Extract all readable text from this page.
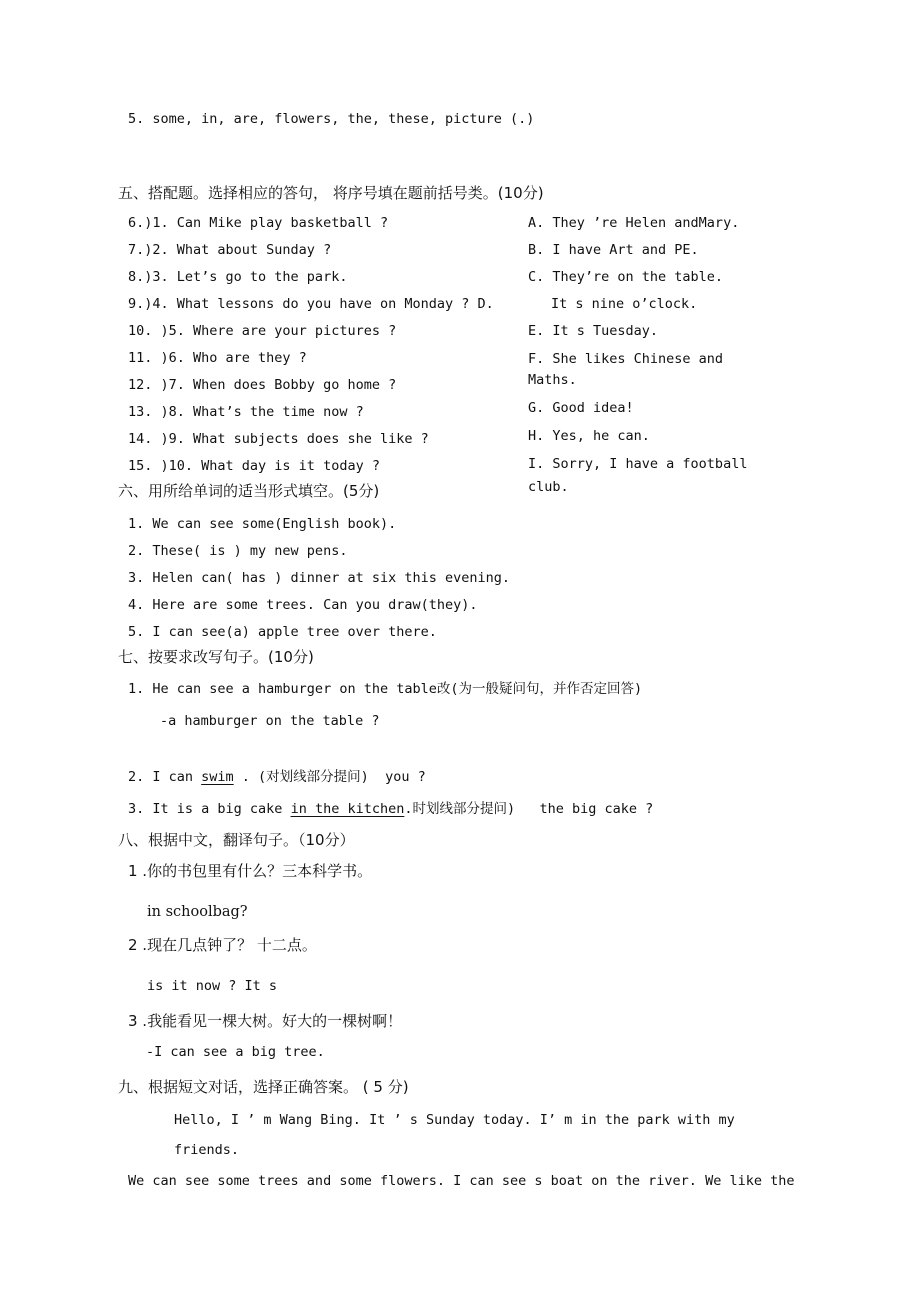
5. some, in, are, flowers, the, these, picture (.)
五、搭配题。选择相应的答句， 将序号填在题前括号类。(10分)
6.)1. Can Mike play basketball ?
7.)2. What about Sunday ?
8.)3. Let’s go to the park.
9.)4. What lessons do you have on Monday ? D.
10. )5. Where are your pictures ?
11. )6. Who are they ?
12. )7. When does Bobby go home ?
13. )8. What’s the time now ?
14. )9. What subjects does she like ?
15. )10. What day is it today ?
A. They ’re Helen andMary.
B. I have Art and PE.
C. They’re on the table.
It s nine o’clock.
E. It s Tuesday.
F. She likes Chinese and
Maths.
G. Good idea!
H. Yes, he can.
I. Sorry, I have a football
club.
六、用所给单词的适当形式填空。(5分)
1. We can see some(English book).
2. These( is ) my new pens.
3. Helen can( has ) dinner at six this evening.
4. Here are some trees. Can you draw(they).
5. I can see(a) apple tree over there.
七、按要求改写句子。(10分)
1. He can see a hamburger on the table改(为一般疑问句，并作否定回答)
-a hamburger on the table ?
2. I can swim . (对划线部分提问)  you ?
3. It is a big cake in the kitchen.时划线部分提问)   the big cake ?
八、根据中文，翻译句子。（10分）
1 .你的书包里有什么？三本科学书。
in schoolbag?
2 .现在几点钟了？ 十二点。
is it now ? It s
3 .我能看见一棵大树。好大的一棵树啊！
-I can see a big tree.
九、根据短文对话，选择正确答案。 ( 5 分)
Hello, I ’ m Wang Bing. It ’ s Sunday today. I’ m in the park with my
friends.
We can see some trees and some flowers. I can see s boat on the river. We like the
